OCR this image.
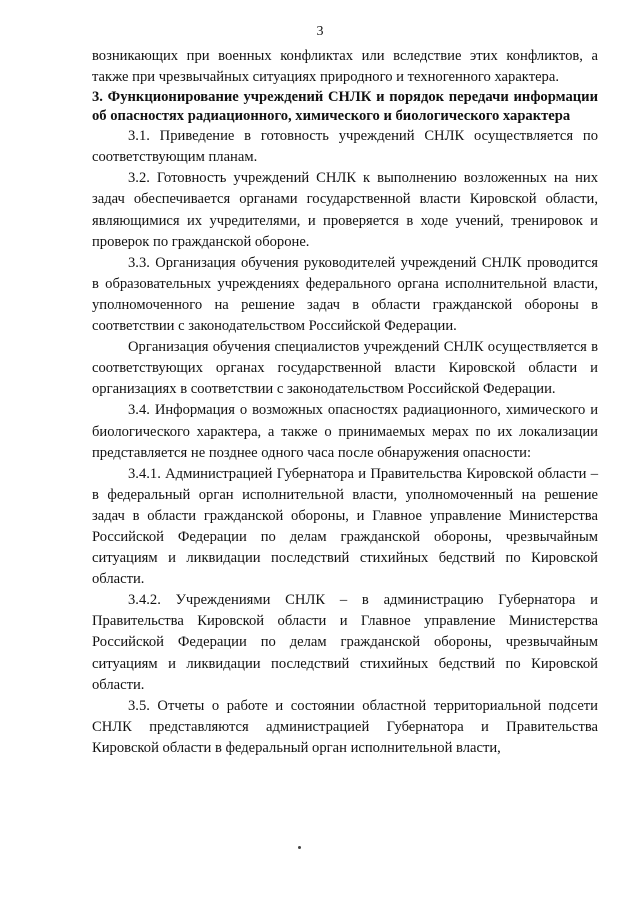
3

возникающих при военных конфликтах или вследствие этих конфликтов, а также при чрезвычайных ситуациях природного и техногенного характера.

3. Функционирование учреждений СНЛК и порядок передачи информации об опасностях радиационного, химического и биологического характера

3.1. Приведение в готовность учреждений СНЛК осуществляется по соответствующим планам.

3.2. Готовность учреждений СНЛК к выполнению возложенных на них задач обеспечивается органами государственной власти Кировской области, являющимися их учредителями, и проверяется в ходе учений, тренировок и проверок по гражданской обороне.

3.3. Организация обучения руководителей учреждений СНЛК проводится в образовательных учреждениях федерального органа исполнительной власти, уполномоченного на решение задач в области гражданской обороны в соответствии с законодательством Российской Федерации.

Организация обучения специалистов учреждений СНЛК осуществляется в соответствующих органах государственной власти Кировской области и организациях в соответствии с законодательством Российской Федерации.

3.4. Информация о возможных опасностях радиационного, химического и биологического характера, а также о принимаемых мерах по их локализации представляется не позднее одного часа после обнаружения опасности:

3.4.1. Администрацией Губернатора и Правительства Кировской области – в федеральный орган исполнительной власти, уполномоченный на решение задач в области гражданской обороны, и Главное управление Министерства Российской Федерации по делам гражданской обороны, чрезвычайным ситуациям и ликвидации последствий стихийных бедствий по Кировской области.

3.4.2. Учреждениями СНЛК – в администрацию Губернатора и Правительства Кировской области и Главное управление Министерства Российской Федерации по делам гражданской обороны, чрезвычайным ситуациям и ликвидации последствий стихийных бедствий по Кировской области.

3.5. Отчеты о работе и состоянии областной территориальной подсети СНЛК представляются администрацией Губернатора и Правительства Кировской области в федеральный орган исполнительной власти,
